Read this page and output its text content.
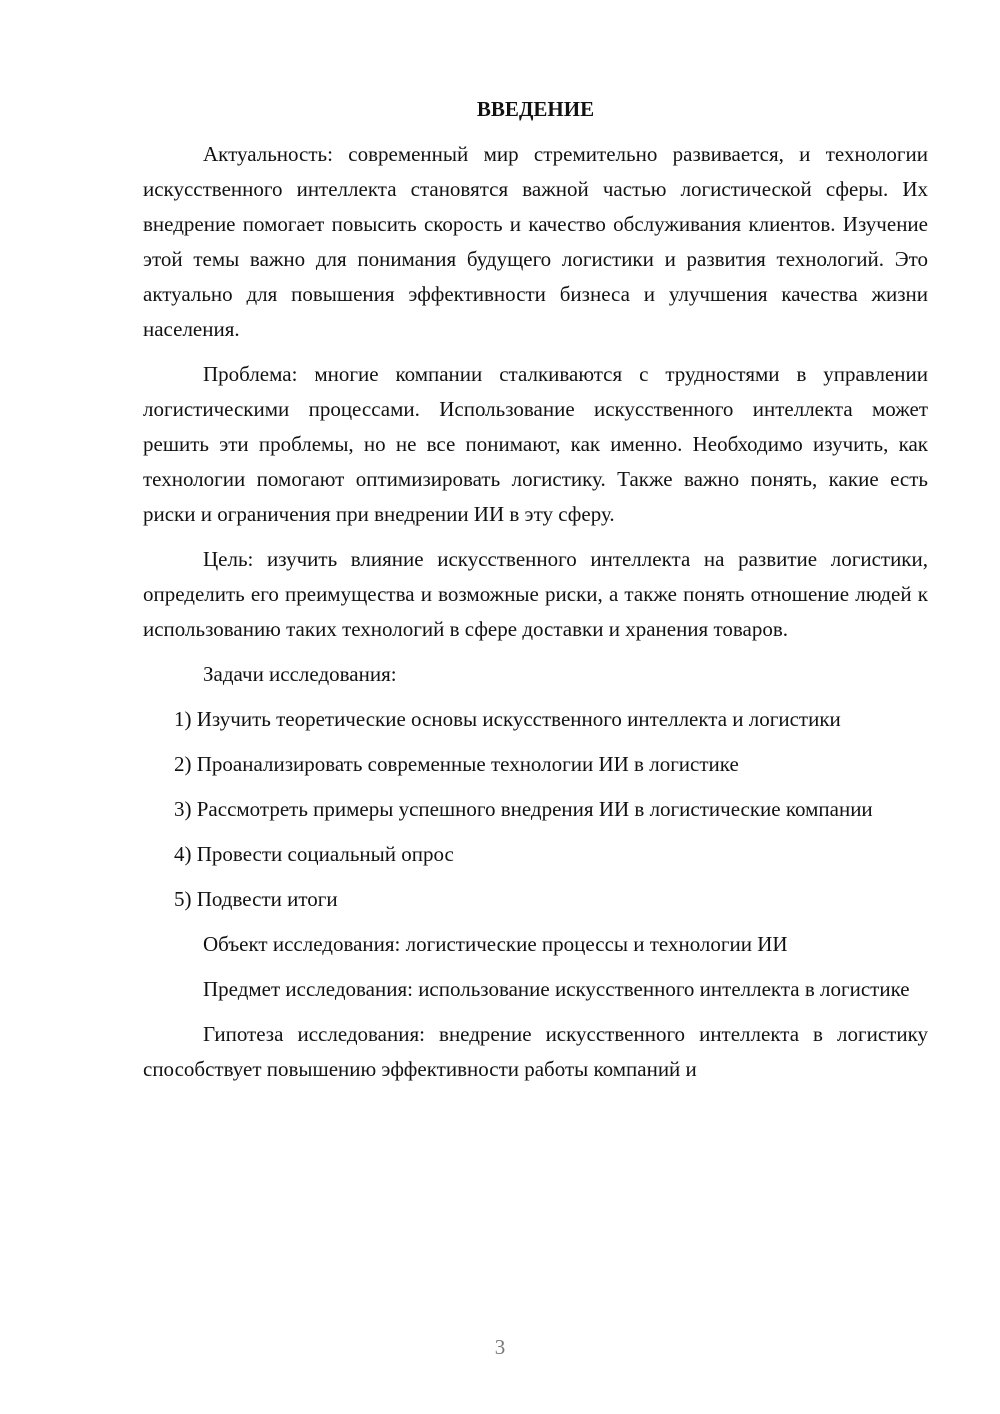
ВВЕДЕНИЕ
Актуальность: современный мир стремительно развивается, и технологии искусственного интеллекта становятся важной частью логистической сферы. Их внедрение помогает повысить скорость и качество обслуживания клиентов. Изучение этой темы важно для понимания будущего логистики и развития технологий. Это актуально для повышения эффективности бизнеса и улучшения качества жизни населения.
Проблема: многие компании сталкиваются с трудностями в управлении логистическими процессами. Использование искусственного интеллекта может решить эти проблемы, но не все понимают, как именно. Необходимо изучить, как технологии помогают оптимизировать логистику. Также важно понять, какие есть риски и ограничения при внедрении ИИ в эту сферу.
Цель: изучить влияние искусственного интеллекта на развитие логистики, определить его преимущества и возможные риски, а также понять отношение людей к использованию таких технологий в сфере доставки и хранения товаров.
Задачи исследования:
1) Изучить теоретические основы искусственного интеллекта и логистики
2) Проанализировать современные технологии ИИ в логистике
3) Рассмотреть примеры успешного внедрения ИИ в логистические компании
4) Провести социальный опрос
5) Подвести итоги
Объект исследования: логистические процессы и технологии ИИ
Предмет исследования: использование искусственного интеллекта в логистике
Гипотеза исследования: внедрение искусственного интеллекта в логистику способствует повышению эффективности работы компаний и
3
